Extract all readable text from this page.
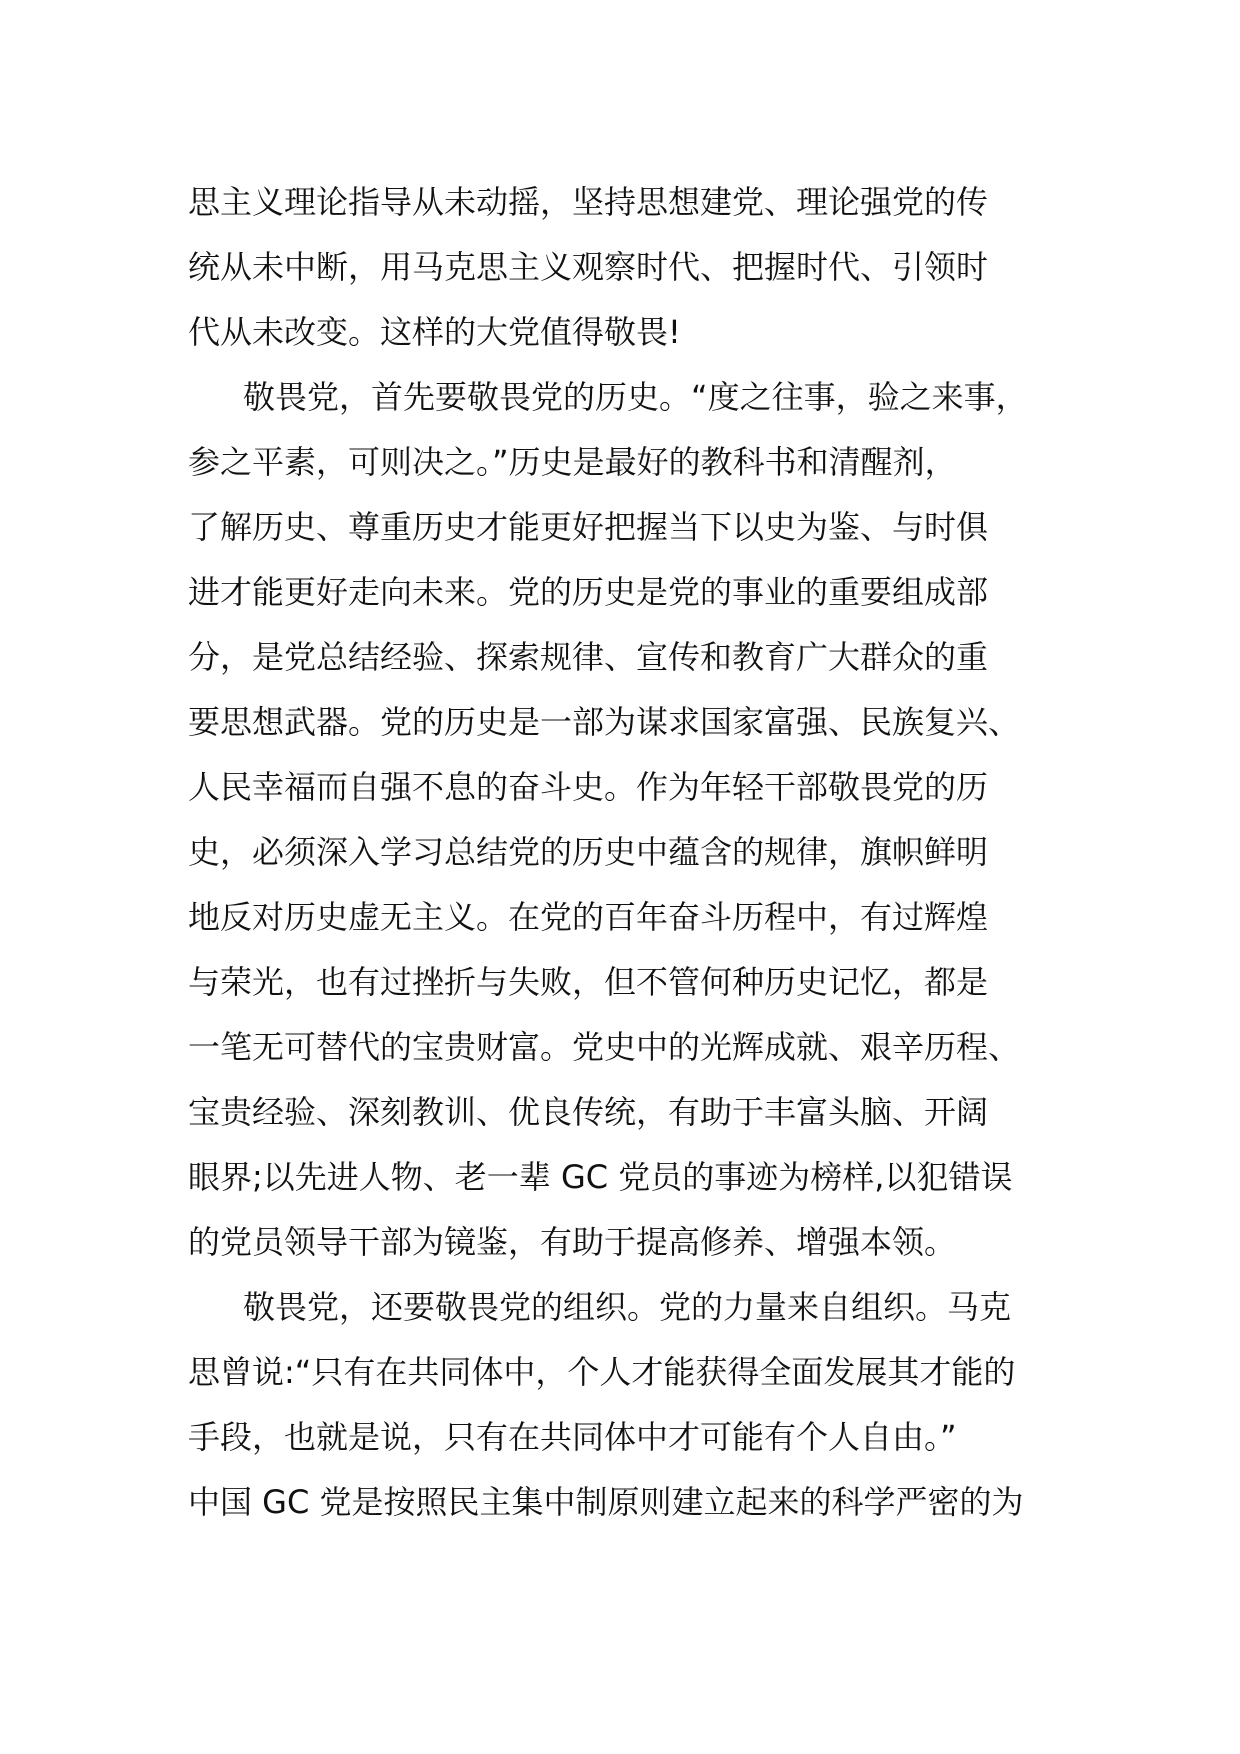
思主义理论指导从未动摇，坚持思想建党、理论强党的传
统从未中断，用马克思主义观察时代、把握时代、引领时
代从未改变。这样的大党值得敬畏!
敬畏党，首先要敬畏党的历史。“度之往事，验之来事，
参之平素，可则决之。”历史是最好的教科书和清醒剂，
了解历史、尊重历史才能更好把握当下以史为鉴、与时俱
进才能更好走向未来。党的历史是党的事业的重要组成部
分，是党总结经验、探索规律、宣传和教育广大群众的重
要思想武器。党的历史是一部为谋求国家富强、民族复兴、
人民幸福而自强不息的奋斗史。作为年轻干部敬畏党的历
史，必须深入学习总结党的历史中蕴含的规律，旗帜鲜明
地反对历史虚无主义。在党的百年奋斗历程中，有过辉煌
与荣光，也有过挫折与失败，但不管何种历史记忆，都是
一笔无可替代的宝贵财富。党史中的光辉成就、艰辛历程、
宝贵经验、深刻教训、优良传统，有助于丰富头脑、开阔
眼界;以先进人物、老一辈 GC 党员的事迹为榜样,以犯错误
的党员领导干部为镜鉴，有助于提高修养、增强本领。
敬畏党，还要敬畏党的组织。党的力量来自组织。马克
思曾说:“只有在共同体中，个人才能获得全面发展其才能的
手段，也就是说，只有在共同体中才可能有个人自由。”
中国 GC 党是按照民主集中制原则建立起来的科学严密的为
